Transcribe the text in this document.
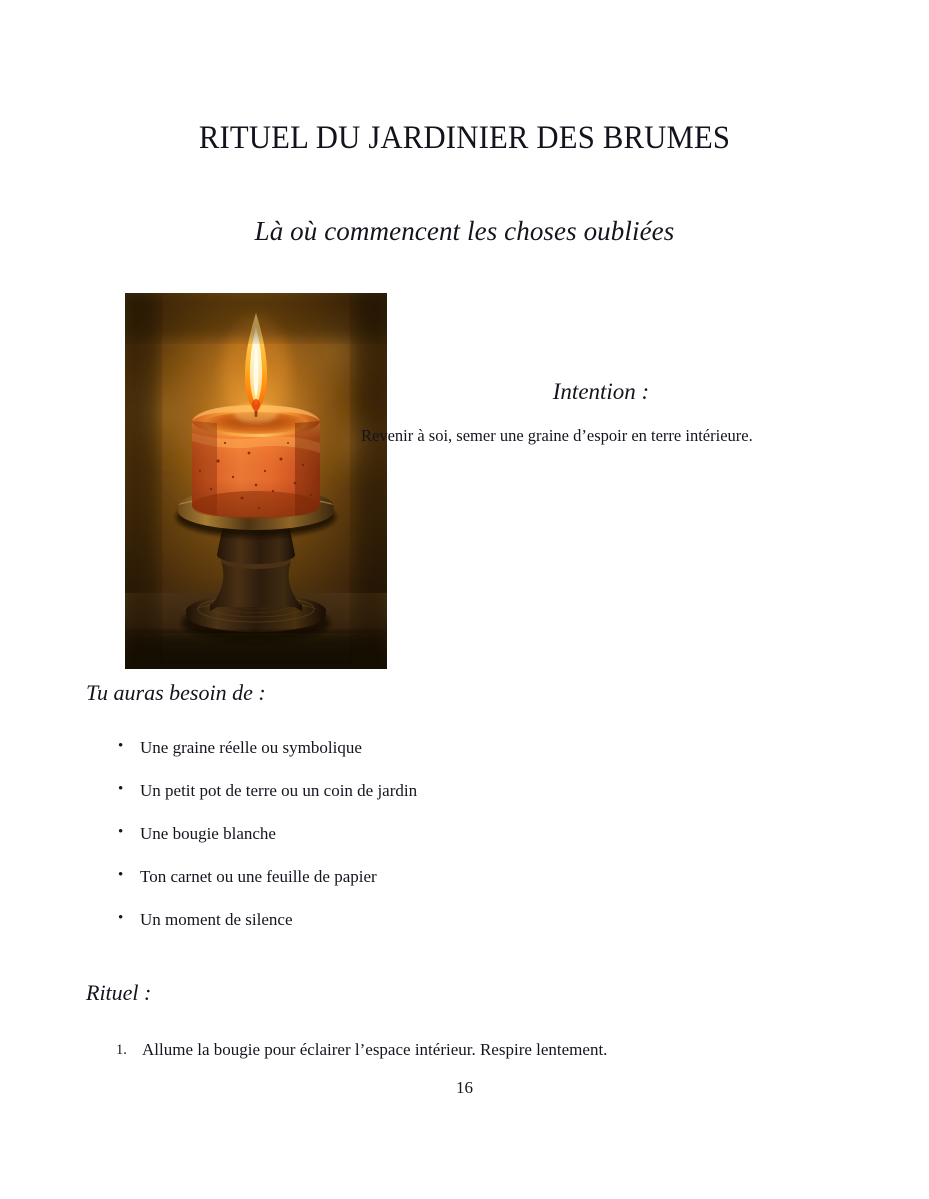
RITUEL DU JARDINIER DES BRUMES
Là où commencent les choses oubliées
Intention :
Revenir à soi, semer une graine d’espoir en terre intérieure.
Tu auras besoin de :
• Une graine réelle ou symbolique
• Un petit pot de terre ou un coin de jardin
• Une bougie blanche
• Ton carnet ou une feuille de papier
• Un moment de silence
Rituel :
Allume la bougie pour éclairer l’espace intérieur. Respire lentement.
16
